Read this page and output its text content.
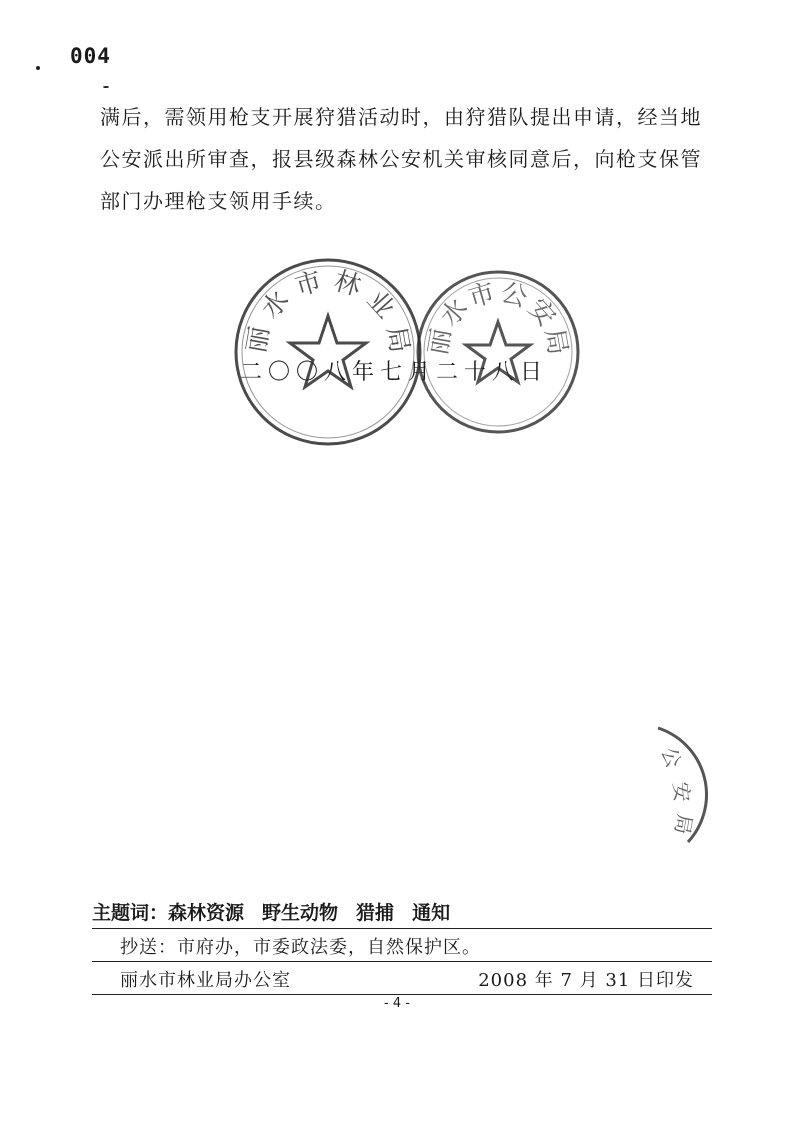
004

满后，需领用枪支开展狩猎活动时，由狩猎队提出申请，经当地

公安派出所审查，报县级森林公安机关审核同意后，向枪支保管

部门办理枪支领用手续。

二〇〇八年七月二十八日
丽
水
市 林
业
局 丽
水
市
公
安
局
公
安
局
主题词：森林资源 野生动物 猎捕 通知
抄送：市府办，市委政法委，自然保护区。
丽水市林业局办公室	2008 年 7 月 31 日印发
- 4 -
